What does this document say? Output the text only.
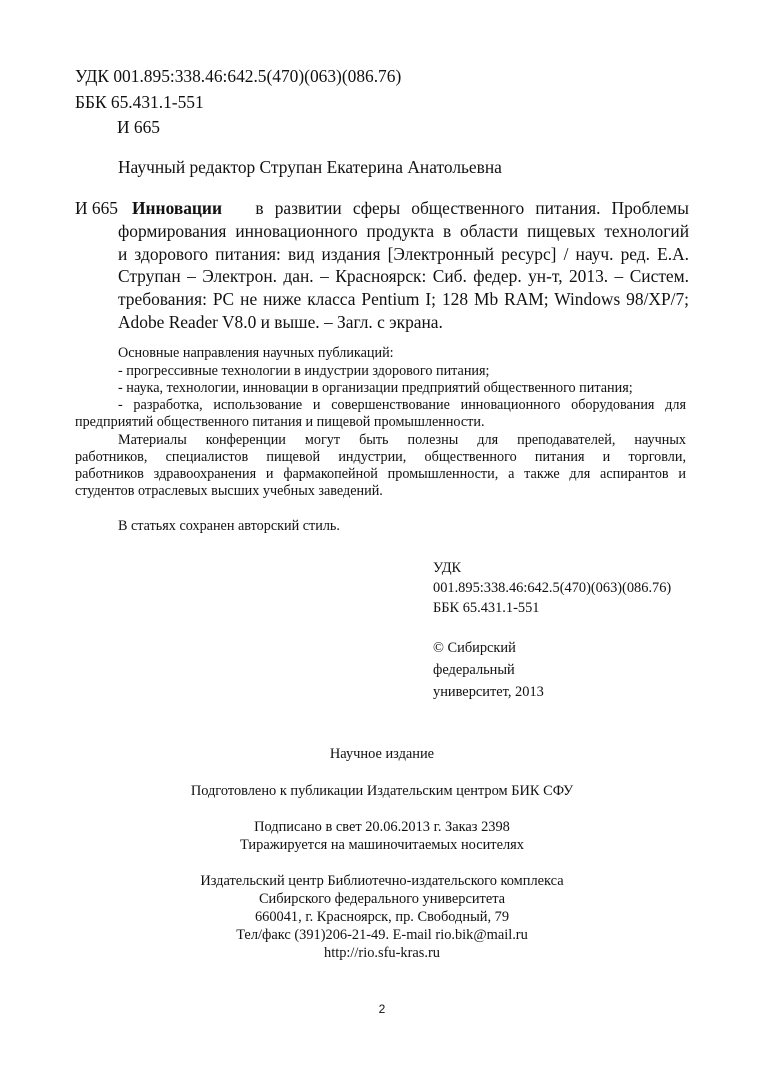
УДК 001.895:338.46:642.5(470)(063)(086.76)
ББК 65.431.1-551
И 665
Научный редактор Струпан Екатерина Анатольевна
И 665 Инновации в развитии сферы общественного питания. Проблемы
формирования инновационного продукта в области пищевых технологий
и здорового питания: вид издания [Электронный ресурс] / науч. ред. Е.А.
Струпан – Электрон. дан. – Красноярск: Сиб. федер. ун-т, 2013. – Систем.
требования: PC не ниже класса Pentium I; 128 Mb RAM; Windows 98/XP/7;
Adobe Reader V8.0 и выше. – Загл. с экрана.
Основные направления научных публикаций:
- прогрессивные технологии в индустрии здорового питания;
- наука, технологии, инновации в организации предприятий общественного питания;
- разработка, использование и совершенствование инновационного оборудования для
предприятий общественного питания и пищевой промышленности.
Материалы конференции могут быть полезны для преподавателей, научных
работников, специалистов пищевой индустрии, общественного питания и торговли,
работников здравоохранения и фармакопейной промышленности, а также для аспирантов и
студентов отраслевых высших учебных заведений.
В статьях сохранен авторский стиль.
УДК
001.895:338.46:642.5(470)(063)(086.76)
ББК 65.431.1-551
© Сибирский
федеральный
университет, 2013
Научное издание
Подготовлено к публикации Издательским центром БИК СФУ
Подписано в свет 20.06.2013 г. Заказ 2398
Тиражируется на машиночитаемых носителях
Издательский центр Библиотечно-издательского комплекса
Сибирского федерального университета
660041, г. Красноярск, пр. Свободный, 79
Тел/факс (391)206-21-49. E-mail rio.bik@mail.ru
http://rio.sfu-kras.ru
2
